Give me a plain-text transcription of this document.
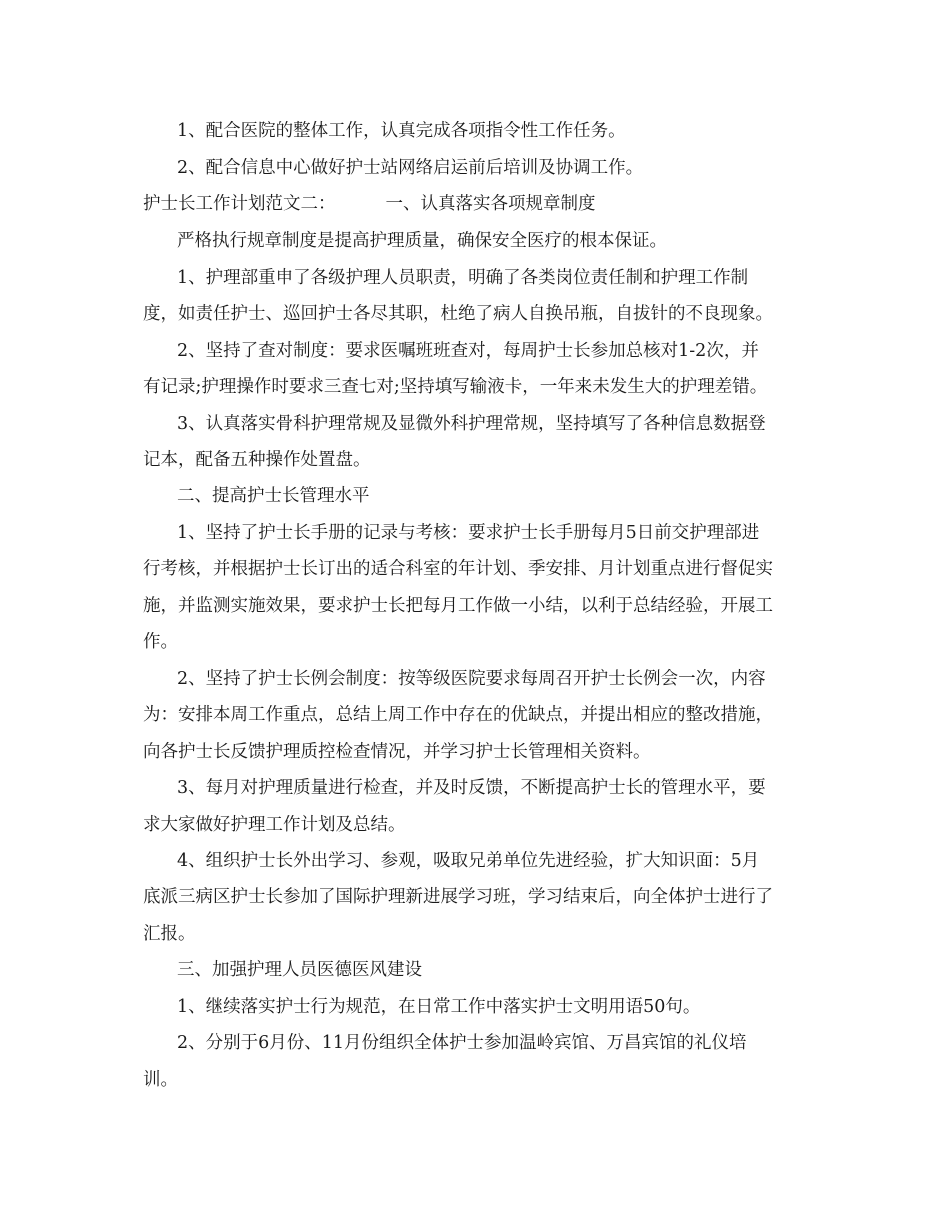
1、配合医院的整体工作，认真完成各项指令性工作任务。
2、配合信息中心做好护士站网络启运前后培训及协调工作。
护士长工作计划范文二：	一、认真落实各项规章制度
严格执行规章制度是提高护理质量，确保安全医疗的根本保证。
1、护理部重申了各级护理人员职责，明确了各类岗位责任制和护理工作制
度，如责任护士、巡回护士各尽其职，杜绝了病人自换吊瓶，自拔针的不良现象。
2、坚持了查对制度：要求医嘱班班查对，每周护士长参加总核对1-2次，并
有记录;护理操作时要求三查七对;坚持填写输液卡，一年来未发生大的护理差错。
3、认真落实骨科护理常规及显微外科护理常规，坚持填写了各种信息数据登
记本，配备五种操作处置盘。
二、提高护士长管理水平
1、坚持了护士长手册的记录与考核：要求护士长手册每月5日前交护理部进
行考核，并根据护士长订出的适合科室的年计划、季安排、月计划重点进行督促实
施，并监测实施效果，要求护士长把每月工作做一小结，以利于总结经验，开展工
作。
2、坚持了护士长例会制度：按等级医院要求每周召开护士长例会一次，内容
为：安排本周工作重点，总结上周工作中存在的优缺点，并提出相应的整改措施，
向各护士长反馈护理质控检查情况，并学习护士长管理相关资料。
3、每月对护理质量进行检查，并及时反馈，不断提高护士长的管理水平，要
求大家做好护理工作计划及总结。
4、组织护士长外出学习、参观，吸取兄弟单位先进经验，扩大知识面：5月
底派三病区护士长参加了国际护理新进展学习班，学习结束后，向全体护士进行了
汇报。
三、加强护理人员医德医风建设
1、继续落实护士行为规范，在日常工作中落实护士文明用语50句。
2、分别于6月份、11月份组织全体护士参加温岭宾馆、万昌宾馆的礼仪培
训。
